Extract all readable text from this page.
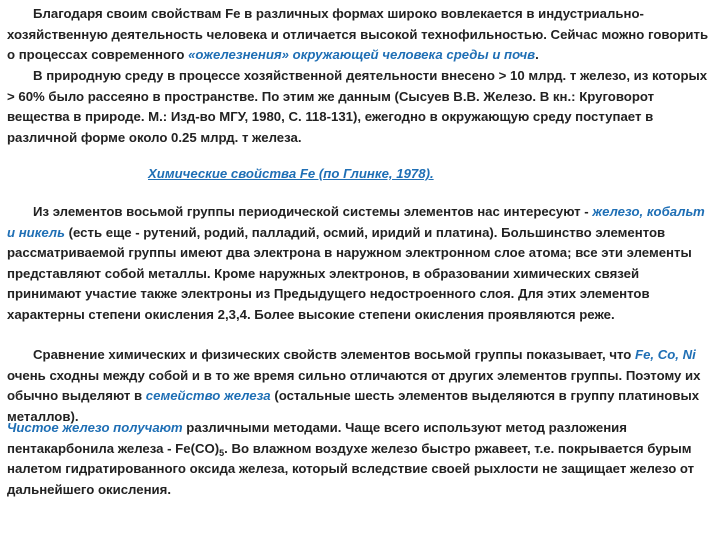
Благодаря своим свойствам Fe в различных формах широко вовлекается в индустриально-хозяйственную деятельность человека и отличается высокой технофильностью. Сейчас можно говорить о процессах современного «ожелезнения» окружающей человека среды и почв.

В природную среду в процессе хозяйственной деятельности внесено > 10 млрд. т железо, из которых > 60% было рассеяно в пространстве. По этим же данным (Сысуев В.В. Железо. В кн.: Круговорот вещества в природе. М.: Изд-во МГУ, 1980, С. 118-131), ежегодно в окружающую среду поступает в различной форме около 0.25 млрд. т железа.

Химические свойства Fe (по Глинке, 1978).

Из элементов восьмой группы периодической системы элементов нас интересуют - железо, кобальт и никель (есть еще - рутений, родий, палладий, осмий, иридий и платина). Большинство элементов рассматриваемой группы имеют два электрона в наружном электронном слое атома; все эти элементы представляют собой металлы. Кроме наружных электронов, в образовании химических связей принимают участие также электроны из Предыдущего недостроенного слоя. Для этих элементов характерны степени окисления 2,3,4. Более высокие степени окисления проявляются реже.

Сравнение химических и физических свойств элементов восьмой группы показывает, что Fe, Co, Ni очень сходны между собой и в то же время сильно отличаются от других элементов группы. Поэтому их обычно выделяют в семейство железа (остальные шесть элементов выделяются в группу платиновых металлов).

Чистое железо получают различными методами. Чаще всего используют метод разложения пентакарбонила железа - $Fe(CO)_5$. Во влажном воздухе железо быстро ржавеет, т.е. покрывается бурым налетом гидратированного оксида железа, который вследствие своей рыхлости не защищает железо от дальнейшего окисления.
